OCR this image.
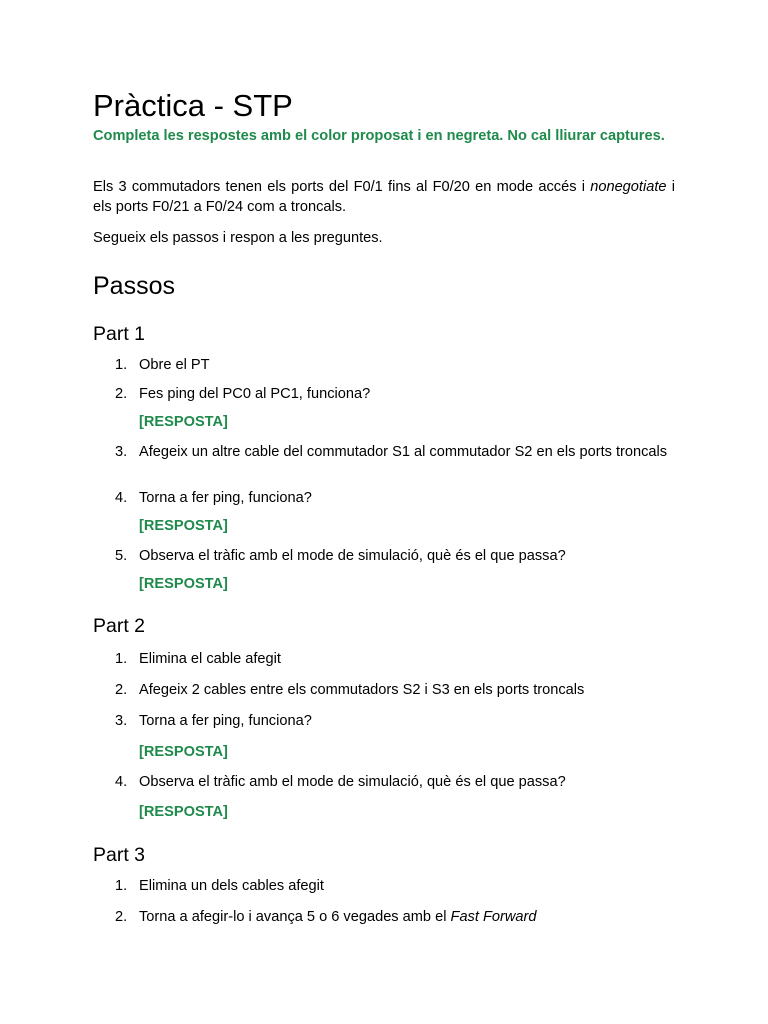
Pràctica - STP

Completa les respostes amb el color proposat i en negreta. No cal lliurar captures.

Els 3 commutadors tenen els ports del F0/1 fins al F0/20 en mode accés i nonegotiate i els ports F0/21 a F0/24 com a troncals.

Segueix els passos i respon a les preguntes.

Passos
Part 1
1. Obre el PT
2. Fes ping del PC0 al PC1, funciona?
[RESPOSTA]
3. Afegeix un altre cable del commutador S1 al commutador S2 en els ports troncals
4. Torna a fer ping, funciona?
[RESPOSTA]
5. Observa el tràfic amb el mode de simulació, què és el que passa?
[RESPOSTA]
Part 2
1. Elimina el cable afegit
2. Afegeix 2 cables entre els commutadors S2 i S3 en els ports troncals
3. Torna a fer ping, funciona?
[RESPOSTA]
4. Observa el tràfic amb el mode de simulació, què és el que passa?
[RESPOSTA]
Part 3
1. Elimina un dels cables afegit
2. Torna a afegir-lo i avança 5 o 6 vegades amb el Fast Forward
